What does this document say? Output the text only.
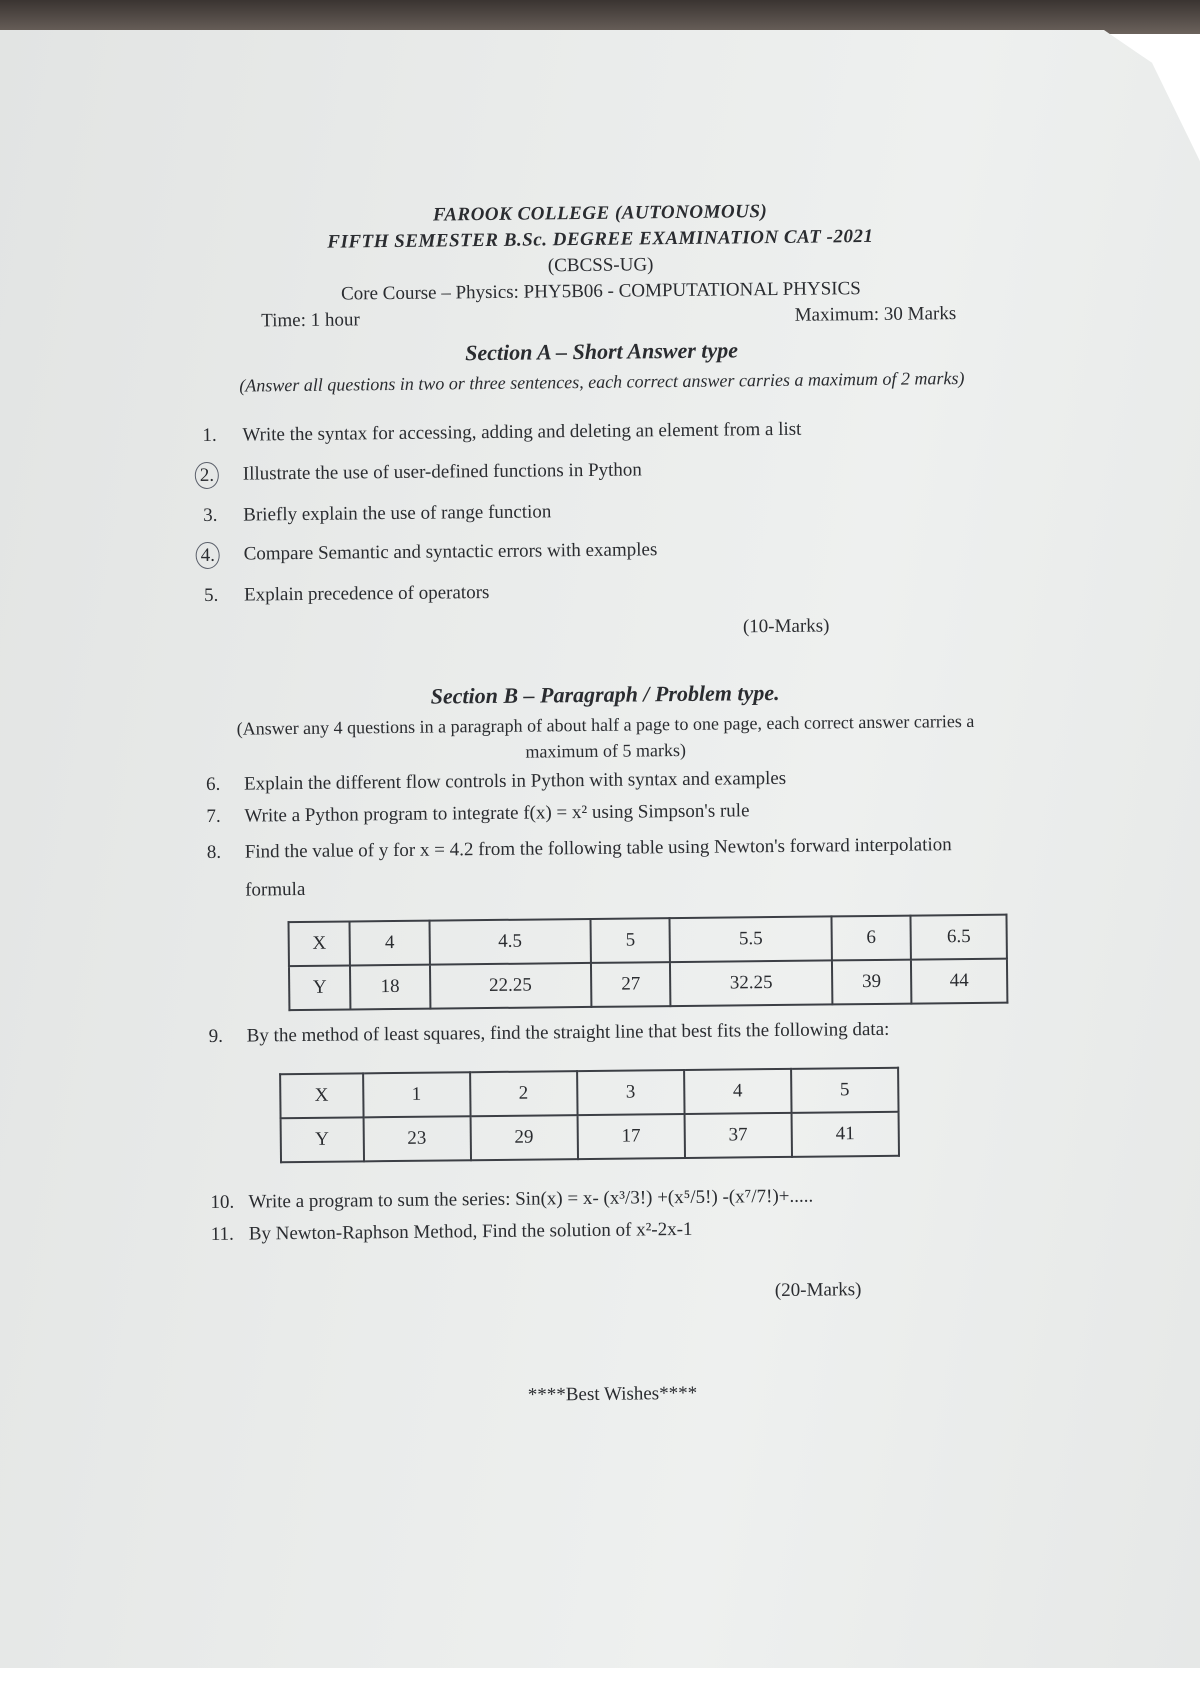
FAROOK COLLEGE (AUTONOMOUS)
FIFTH SEMESTER B.Sc. DEGREE EXAMINATION CAT -2021
(CBCSS-UG)
Core Course – Physics: PHY5B06 - COMPUTATIONAL PHYSICS
Time: 1 hour	Maximum: 30 Marks
Section A – Short Answer type
(Answer all questions in two or three sentences, each correct answer carries a maximum of 2 marks)
1.	Write the syntax for accessing, adding and deleting an element from a list
2.	Illustrate the use of user-defined functions in Python
3.	Briefly explain the use of range function
4.	Compare Semantic and syntactic errors with examples
5.	Explain precedence of operators
(10-Marks)
Section B – Paragraph / Problem type.
(Answer any 4 questions in a paragraph of about half a page to one page, each correct answer carries a maximum of 5 marks)
6.	Explain the different flow controls in Python with syntax and examples
7.	Write a Python program to integrate f(x) = x² using Simpson's rule
8.	Find the value of y for x = 4.2 from the following table using Newton's forward interpolation formula
X	4	4.5	5	5.5	6	6.5
Y	18	22.25	27	32.25	39	44
9.	By the method of least squares, find the straight line that best fits the following data:
X	1	2	3	4	5
Y	23	29	17	37	41
10. Write a program to sum the series: Sin(x) = x- (x³/3!) +(x⁵/5!) -(x⁷/7!)+.....
11. By Newton-Raphson Method, Find the solution of x²-2x-1
(20-Marks)
****Best Wishes****
